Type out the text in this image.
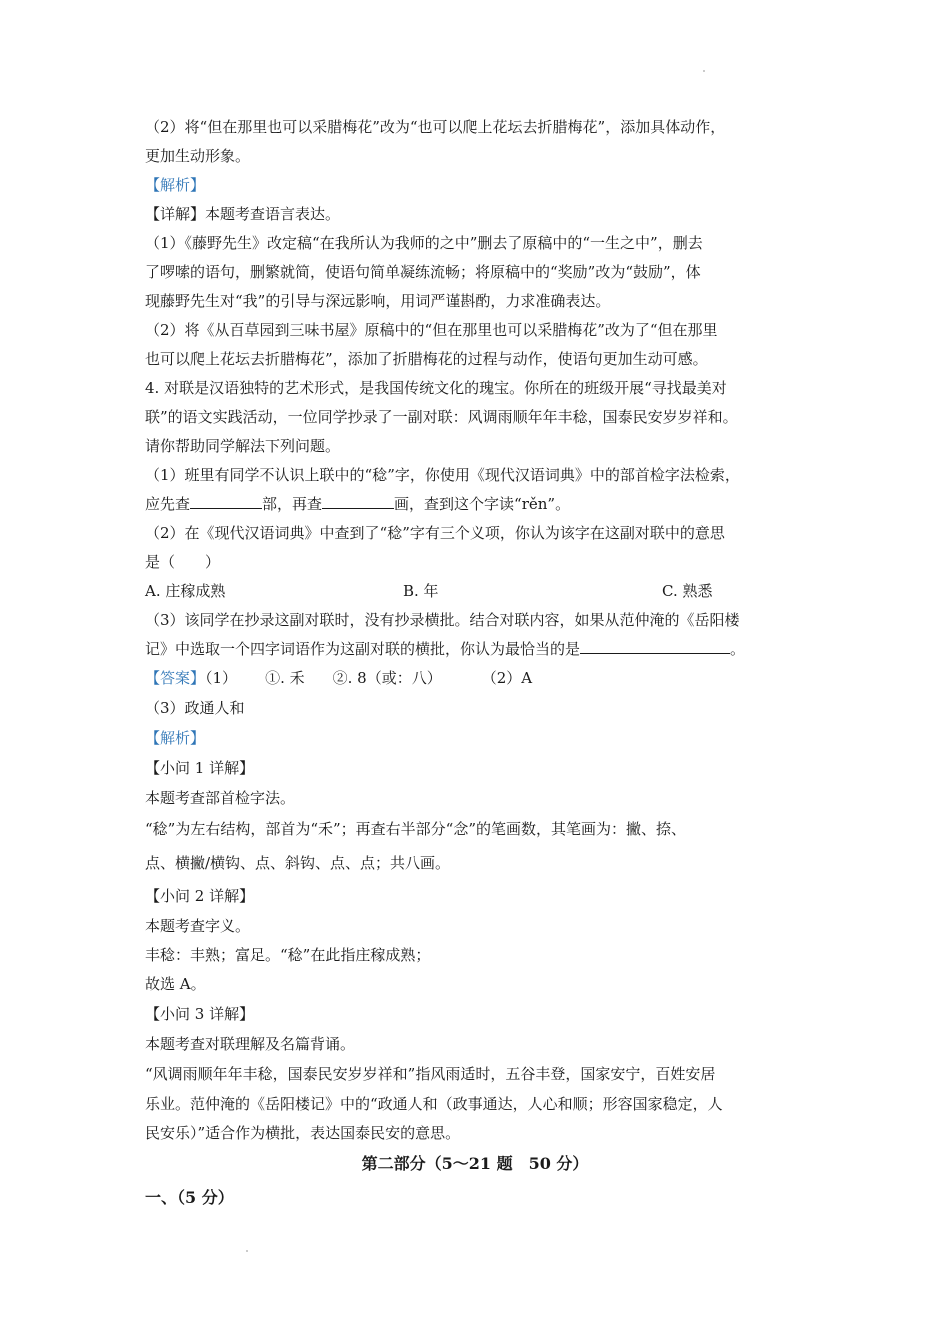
（2）将“但在那里也可以采腊梅花”改为“也可以爬上花坛去折腊梅花”，添加具体动作，
更加生动形象。
【解析】
【详解】本题考查语言表达。
（1）《藤野先生》改定稿“在我所认为我师的之中”删去了原稿中的“一生之中”，删去
了啰嗦的语句，删繁就简，使语句简单凝练流畅；将原稿中的“奖励”改为“鼓励”，体
现藤野先生对“我”的引导与深远影响，用词严谨斟酌，力求准确表达。
（2）将《从百草园到三味书屋》原稿中的“但在那里也可以采腊梅花”改为了“但在那里
也可以爬上花坛去折腊梅花”，添加了折腊梅花的过程与动作，使语句更加生动可感。
4. 对联是汉语独特的艺术形式，是我国传统文化的瑰宝。你所在的班级开展“寻找最美对
联”的语文实践活动，一位同学抄录了一副对联：风调雨顺年年丰稔，国泰民安岁岁祥和。
请你帮助同学解法下列问题。
（1）班里有同学不认识上联中的“稔”字，你使用《现代汉语词典》中的部首检字法检索，
应先查	部，再查	画，查到这个字读“rěn”。
（2）在《现代汉语词典》中查到了“稔”字有三个义项，你认为该字在这副对联中的意思
是（　　）
A. 庄稼成熟	B. 年	C. 熟悉
（3）该同学在抄录这副对联时，没有抄录横批。结合对联内容，如果从范仲淹的《岳阳楼
记》中选取一个四字词语作为这副对联的横批，你认为最恰当的是	。
【答案】（1） ①. 禾 ②. 8（或：八）	（2）A
（3）政通人和
【解析】
【小问 1 详解】
本题考查部首检字法。
“稔”为左右结构，部首为“禾”；再查右半部分“念”的笔画数，其笔画为：撇、捺、
点、横撇/横钩、点、斜钩、点、点；共八画。
【小问 2 详解】
本题考查字义。
丰稔：丰熟；富足。“稔”在此指庄稼成熟；
故选 A。
【小问 3 详解】
本题考查对联理解及名篇背诵。
“风调雨顺年年丰稔，国泰民安岁岁祥和”指风雨适时，五谷丰登，国家安宁，百姓安居
乐业。范仲淹的《岳阳楼记》中的“政通人和（政事通达，人心和顺；形容国家稳定，人
民安乐）”适合作为横批，表达国泰民安的意思。
第二部分（5～21 题　50 分）
一、（5 分）
